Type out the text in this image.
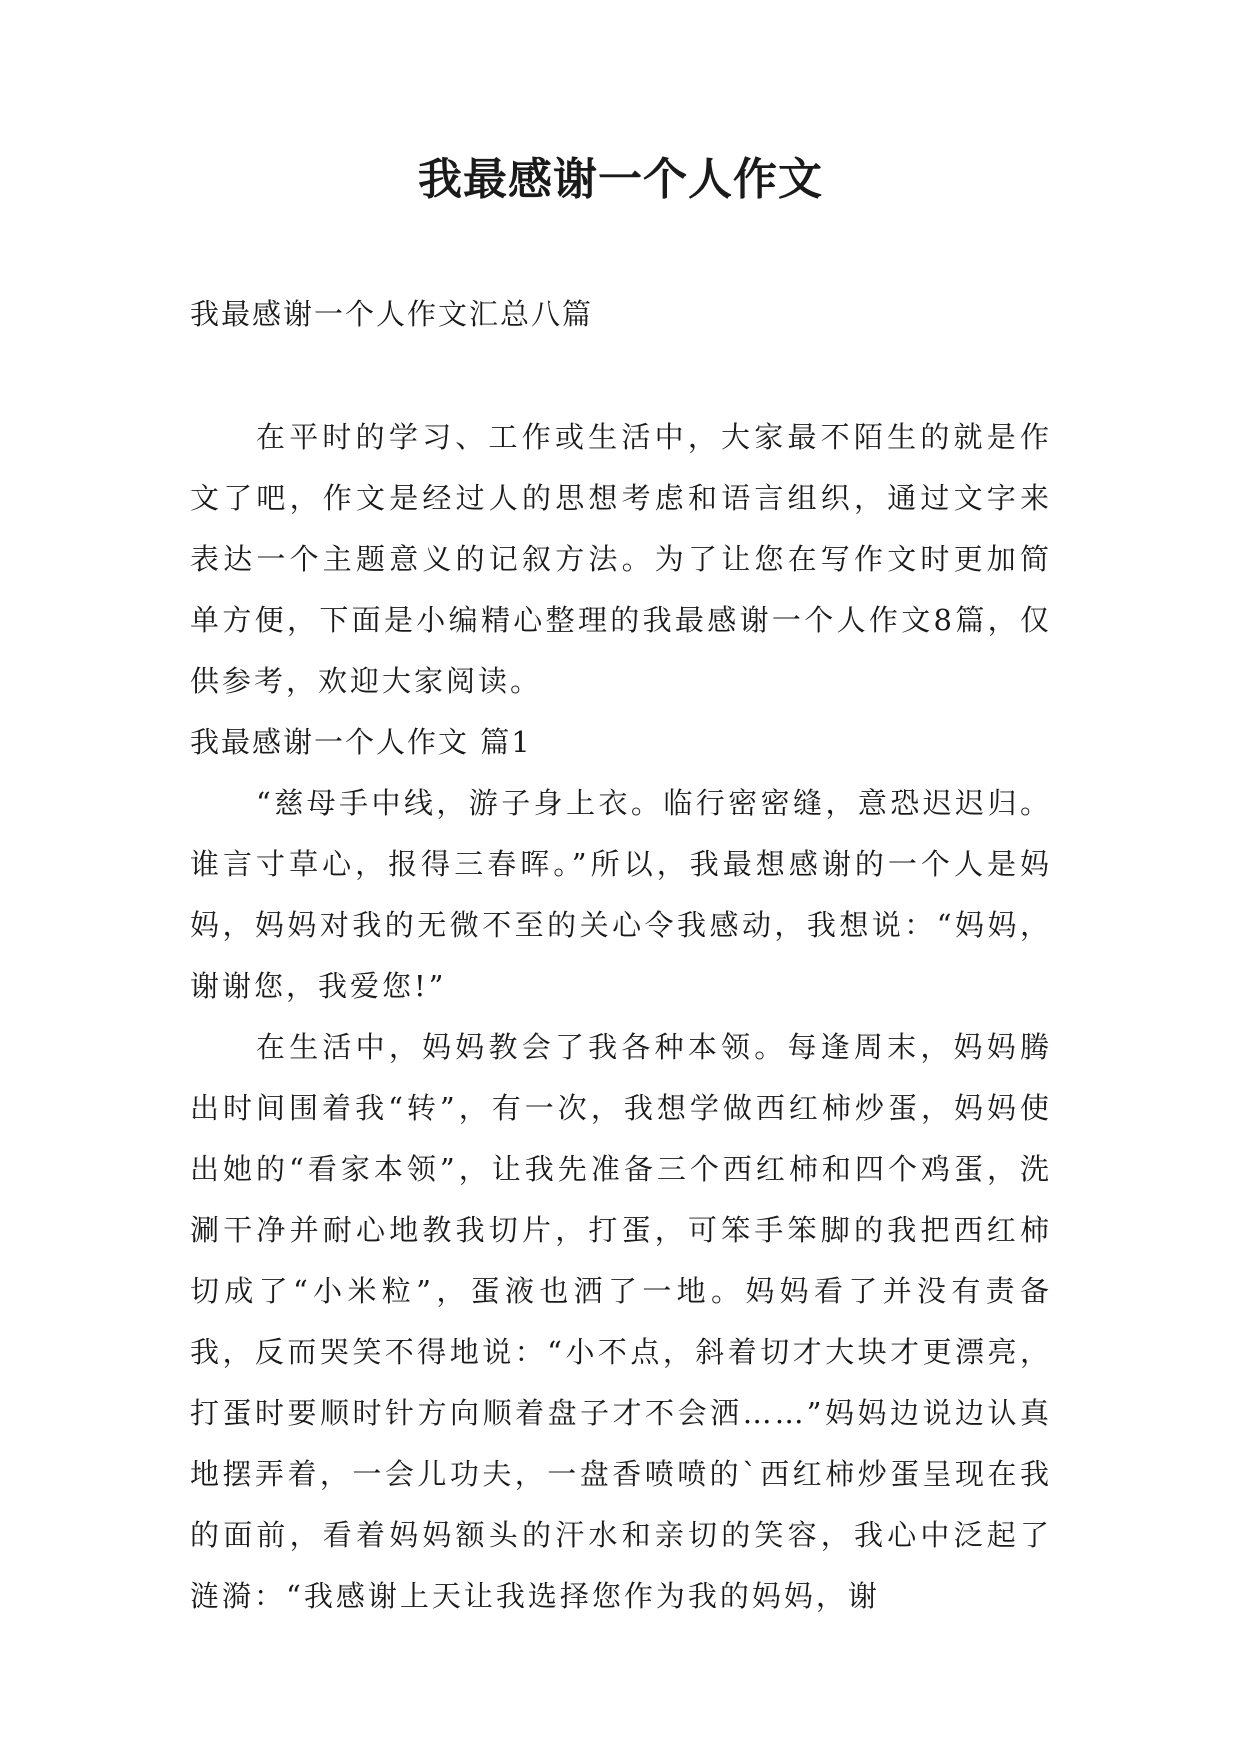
我最感谢一个人作文

我最感谢一个人作文汇总八篇

在平时的学习、工作或生活中，大家最不陌生的就是作文了吧，作文是经过人的思想考虑和语言组织，通过文字来表达一个主题意义的记叙方法。为了让您在写作文时更加简单方便，下面是小编精心整理的我最感谢一个人作文8篇，仅供参考，欢迎大家阅读。

我最感谢一个人作文 篇1

“慈母手中线，游子身上衣。临行密密缝，意恐迟迟归。谁言寸草心，报得三春晖。”所以，我最想感谢的一个人是妈妈，妈妈对我的无微不至的关心令我感动，我想说：“妈妈，谢谢您，我爱您!”

在生活中，妈妈教会了我各种本领。每逢周末，妈妈腾出时间围着我“转”，有一次，我想学做西红柿炒蛋，妈妈使出她的“看家本领”，让我先准备三个西红柿和四个鸡蛋，洗涮干净并耐心地教我切片，打蛋，可笨手笨脚的我把西红柿切成了“小米粒”，蛋液也洒了一地。妈妈看了并没有责备我，反而哭笑不得地说：“小不点，斜着切才大块才更漂亮，打蛋时要顺时针方向顺着盘子才不会洒……”妈妈边说边认真地摆弄着，一会儿功夫，一盘香喷喷的`西红柿炒蛋呈现在我的面前，看着妈妈额头的汗水和亲切的笑容，我心中泛起了涟漪：“我感谢上天让我选择您作为我的妈妈，谢
